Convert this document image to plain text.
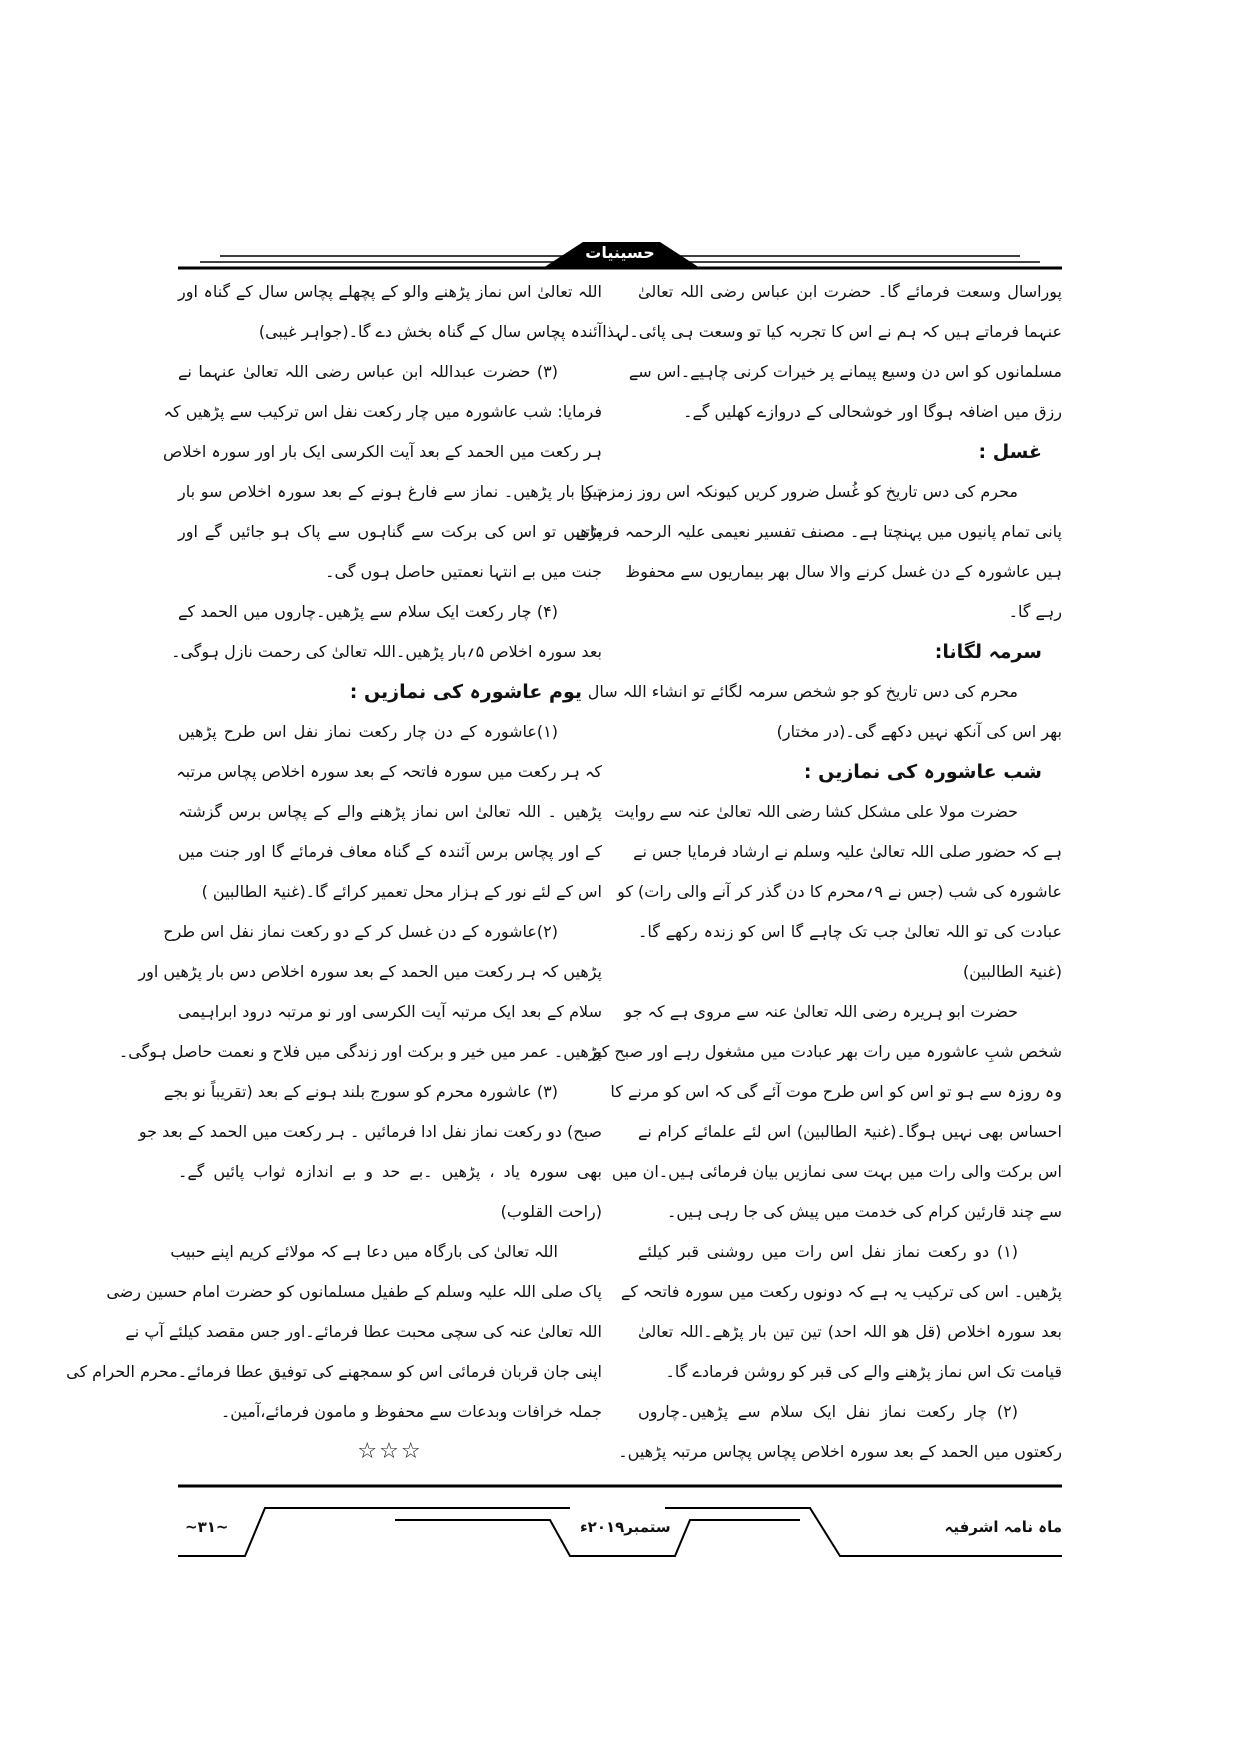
حسینیات
پوراسال وسعت فرمائے گا۔ حضرت ابن عباس رضی اللہ تعالیٰ
عنہما فرماتے ہیں کہ ہم نے اس کا تجربہ کیا تو وسعت ہی پائی۔لہذا
مسلمانوں کو اس دن وسیع پیمانے پر خیرات کرنی چاہیے۔اس سے
رزق میں اضافہ ہوگا اور خوشحالی کے دروازے کھلیں گے۔
غسل :
محرم کی دس تاریخ کو غُسل ضرور کریں کیونکہ اس روز زمزم کا
پانی تمام پانیوں میں پہنچتا ہے۔ مصنف تفسیر نعیمی علیہ الرحمہ فرماتے
ہیں عاشورہ کے دن غسل کرنے والا سال بھر بیماریوں سے محفوظ
رہے گا۔
سرمہ لگانا:
محرم کی دس تاریخ کو جو شخص سرمہ لگائے تو انشاء اللہ سال
بھر اس کی آنکھ نہیں دکھے گی۔(در مختار)
شب عاشورہ کی نمازیں :
حضرت مولا علی مشکل کشا رضی اللہ تعالیٰ عنہ سے روایت
ہے کہ حضور صلی اللہ تعالیٰ علیہ وسلم نے ارشاد فرمایا جس نے
عاشورہ کی شب (جس نے ۹؍محرم کا دن گذر کر آنے والی رات) کو
عبادت کی تو اللہ تعالیٰ جب تک چاہے گا اس کو زندہ رکھے گا۔
(غنیۃ الطالبین)
حضرت ابو ہریرہ رضی اللہ تعالیٰ عنہ سے مروی ہے کہ جو
شخص شبِ عاشورہ میں رات بھر عبادت میں مشغول رہے اور صبح کو
وہ روزہ سے ہو تو اس کو اس طرح موت آئے گی کہ اس کو مرنے کا
احساس بھی نہیں ہوگا۔(غنیۃ الطالبین) اس لئے علمائے کرام نے
اس برکت والی رات میں بہت سی نمازیں بیان فرمائی ہیں۔ان میں
سے چند قارئین کرام کی خدمت میں پیش کی جا رہی ہیں۔
(۱) دو رکعت نماز نفل اس رات میں روشنی قبر کیلئے
پڑھیں۔ اس کی ترکیب یہ ہے کہ دونوں رکعت میں سورہ فاتحہ کے
بعد سورہ اخلاص (قل ھو اللہ احد) تین تین بار پڑھے۔اللہ تعالیٰ
قیامت تک اس نماز پڑھنے والے کی قبر کو روشن فرمادے گا۔
(۲) چار رکعت نماز نفل ایک سلام سے پڑھیں۔چاروں
رکعتوں میں الحمد کے بعد سورہ اخلاص پچاس پچاس مرتبہ پڑھیں۔
اللہ تعالیٰ اس نماز پڑھنے والو کے پچھلے پچاس سال کے گناہ اور
آئندہ پچاس سال کے گناہ بخش دے گا۔(جواہر غیبی)
(۳) حضرت عبداللہ ابن عباس رضی اللہ تعالیٰ عنہما نے
فرمایا: شب عاشورہ میں چار رکعت نفل اس ترکیب سے پڑھیں کہ
ہر رکعت میں الحمد کے بعد آیت الکرسی ایک بار اور سورہ اخلاص
تین بار پڑھیں۔ نماز سے فارغ ہونے کے بعد سورہ اخلاص سو بار
پڑھیں تو اس کی برکت سے گناہوں سے پاک ہو جائیں گے اور
جنت میں بے انتہا نعمتیں حاصل ہوں گی۔
(۴) چار رکعت ایک سلام سے پڑھیں۔چاروں میں الحمد کے
بعد سورہ اخلاص ۵؍بار پڑھیں۔اللہ تعالیٰ کی رحمت نازل ہوگی۔
یوم عاشورہ کی نمازیں :
(۱)عاشورہ کے دن چار رکعت نماز نفل اس طرح پڑھیں
کہ ہر رکعت میں سورہ فاتحہ کے بعد سورہ اخلاص پچاس مرتبہ
پڑھیں ۔ اللہ تعالیٰ اس نماز پڑھنے والے کے پچاس برس گزشتہ
کے اور پچاس برس آئندہ کے گناہ معاف فرمائے گا اور جنت میں
اس کے لئے نور کے ہزار محل تعمیر کرائے گا۔(غنیۃ الطالبین )
(۲)عاشورہ کے دن غسل کر کے دو رکعت نماز نفل اس طرح
پڑھیں کہ ہر رکعت میں الحمد کے بعد سورہ اخلاص دس بار پڑھیں اور
سلام کے بعد ایک مرتبہ آیت الکرسی اور نو مرتبہ درود ابراہیمی
پڑھیں۔ عمر میں خیر و برکت اور زندگی میں فلاح و نعمت حاصل ہوگی۔
(۳) عاشورہ محرم کو سورج بلند ہونے کے بعد (تقریباً نو بجے
صبح) دو رکعت نماز نفل ادا فرمائیں ۔ ہر رکعت میں الحمد کے بعد جو
بھی سورہ یاد ، پڑھیں ۔بے حد و بے اندازہ ثواب پائیں گے۔
(راحت القلوب)
اللہ تعالیٰ کی بارگاہ میں دعا ہے کہ مولائے کریم اپنے حبیب
پاک صلی اللہ علیہ وسلم کے طفیل مسلمانوں کو حضرت امام حسین رضی
اللہ تعالیٰ عنہ کی سچی محبت عطا فرمائے۔اور جس مقصد کیلئے آپ نے
اپنی جان قربان فرمائی اس کو سمجھنے کی توفیق عطا فرمائے۔محرم الحرام کی
جملہ خرافات وبدعات سے محفوظ و مامون فرمائے،آمین۔
☆☆☆
ماہ نامہ اشرفیہ
ستمبر۲۰۱۹ء
~۳۱~
